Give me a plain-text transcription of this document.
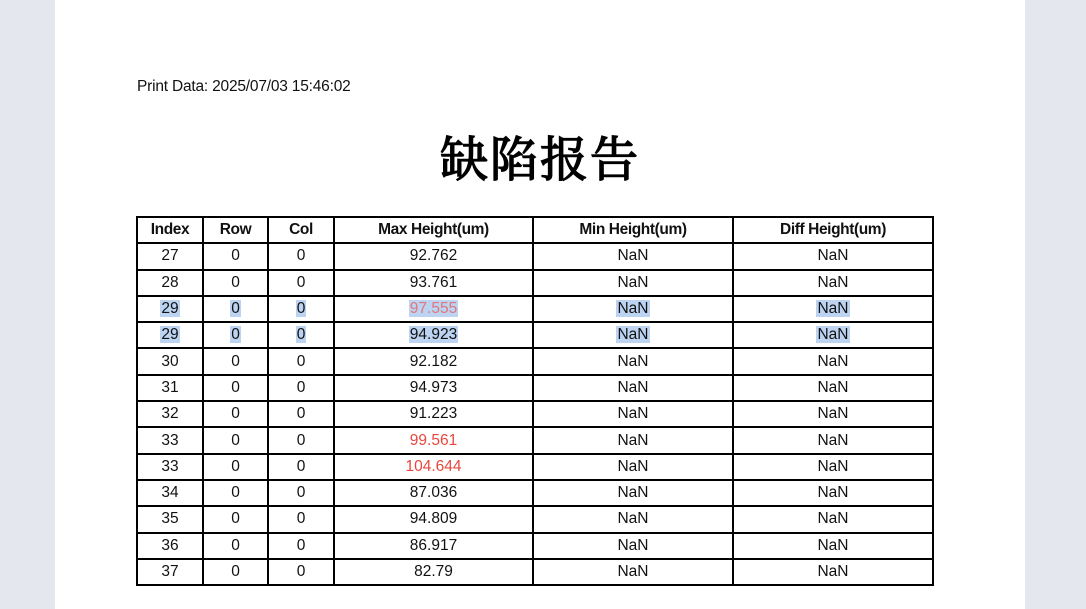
Print Data: 2025/07/03 15:46:02
缺陷报告
Index	Row	Col	Max Height(um)	Min Height(um)	Diff Height(um)
27	0	0	92.762	NaN	NaN
28	0	0	93.761	NaN	NaN
29	0	0	97.555	NaN	NaN
29	0	0	94.923	NaN	NaN
30	0	0	92.182	NaN	NaN
31	0	0	94.973	NaN	NaN
32	0	0	91.223	NaN	NaN
33	0	0	99.561	NaN	NaN
33	0	0	104.644	NaN	NaN
34	0	0	87.036	NaN	NaN
35	0	0	94.809	NaN	NaN
36	0	0	86.917	NaN	NaN
37	0	0	82.79	NaN	NaN
